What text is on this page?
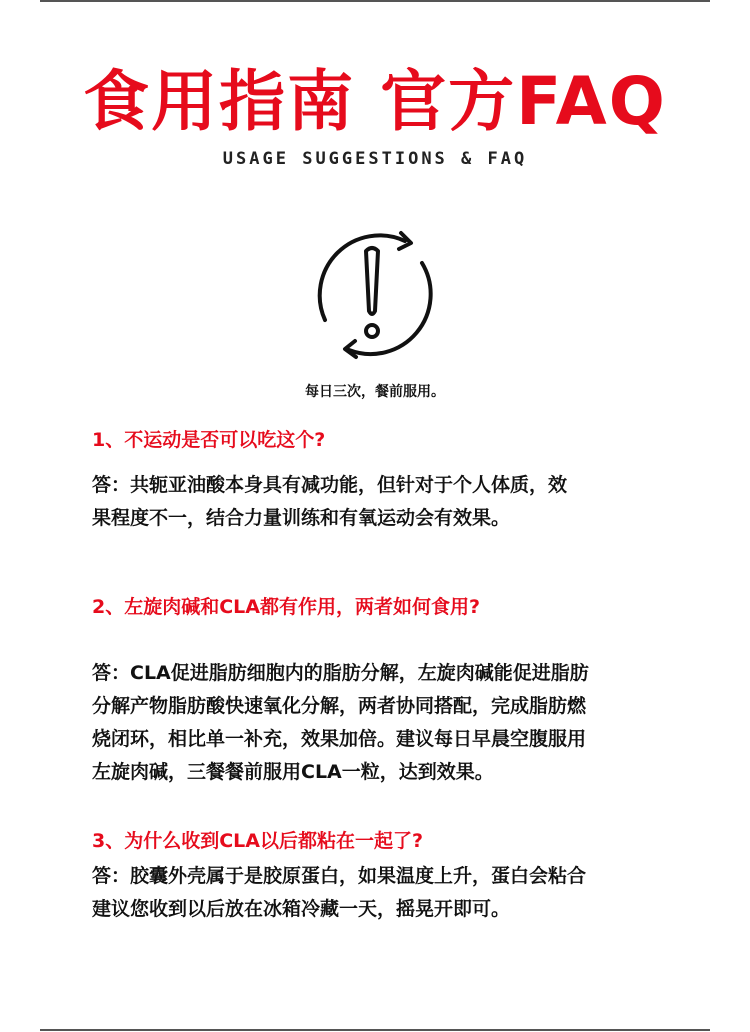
食用指南 官方FAQ
USAGE SUGGESTIONS & FAQ
每日三次，餐前服用。
1、不运动是否可以吃这个?
答：共轭亚油酸本身具有减功能，但针对于个人体质，效
果程度不一，结合力量训练和有氧运动会有效果。
2、左旋肉碱和CLA都有作用，两者如何食用?
答：CLA促进脂肪细胞内的脂肪分解，左旋肉碱能促进脂肪
分解产物脂肪酸快速氧化分解，两者协同搭配，完成脂肪燃
烧闭环，相比单一补充，效果加倍。建议每日早晨空腹服用
左旋肉碱，三餐餐前服用CLA一粒，达到效果。
3、为什么收到CLA以后都粘在一起了?
答：胶囊外壳属于是胶原蛋白，如果温度上升，蛋白会粘合
建议您收到以后放在冰箱冷藏一天，摇晃开即可。
